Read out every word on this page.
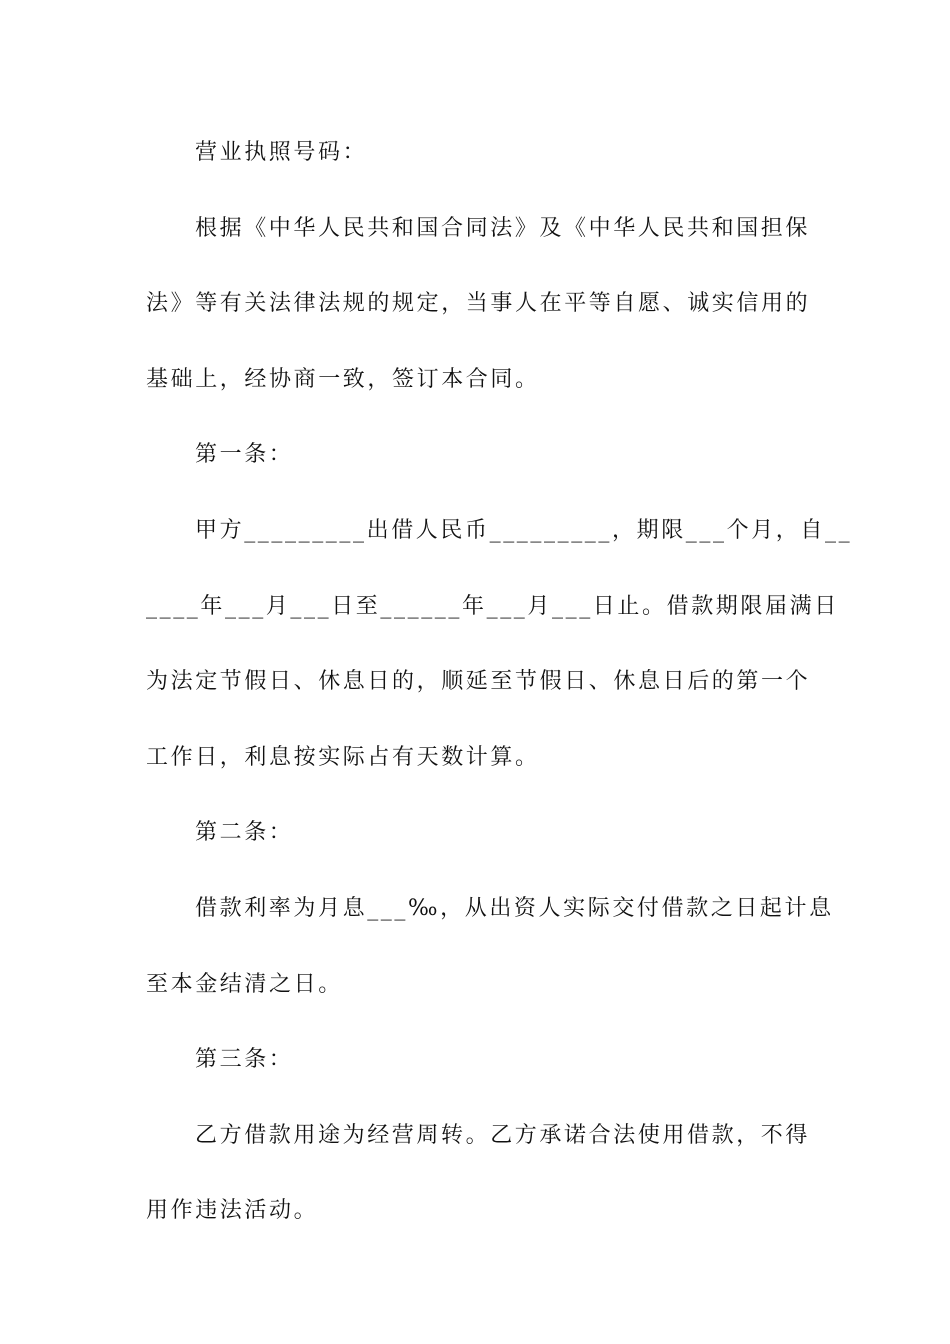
营业执照号码：
根据《中华人民共和国合同法》及《中华人民共和国担保
法》等有关法律法规的规定，当事人在平等自愿、诚实信用的
基础上，经协商一致，签订本合同。
第一条：
甲方_________出借人民币_________，期限___个月，自__
____年___月___日至______年___月___日止。借款期限届满日
为法定节假日、休息日的，顺延至节假日、休息日后的第一个
工作日，利息按实际占有天数计算。
第二条：
借款利率为月息___‰，从出资人实际交付借款之日起计息
至本金结清之日。
第三条：
乙方借款用途为经营周转。乙方承诺合法使用借款，不得
用作违法活动。
